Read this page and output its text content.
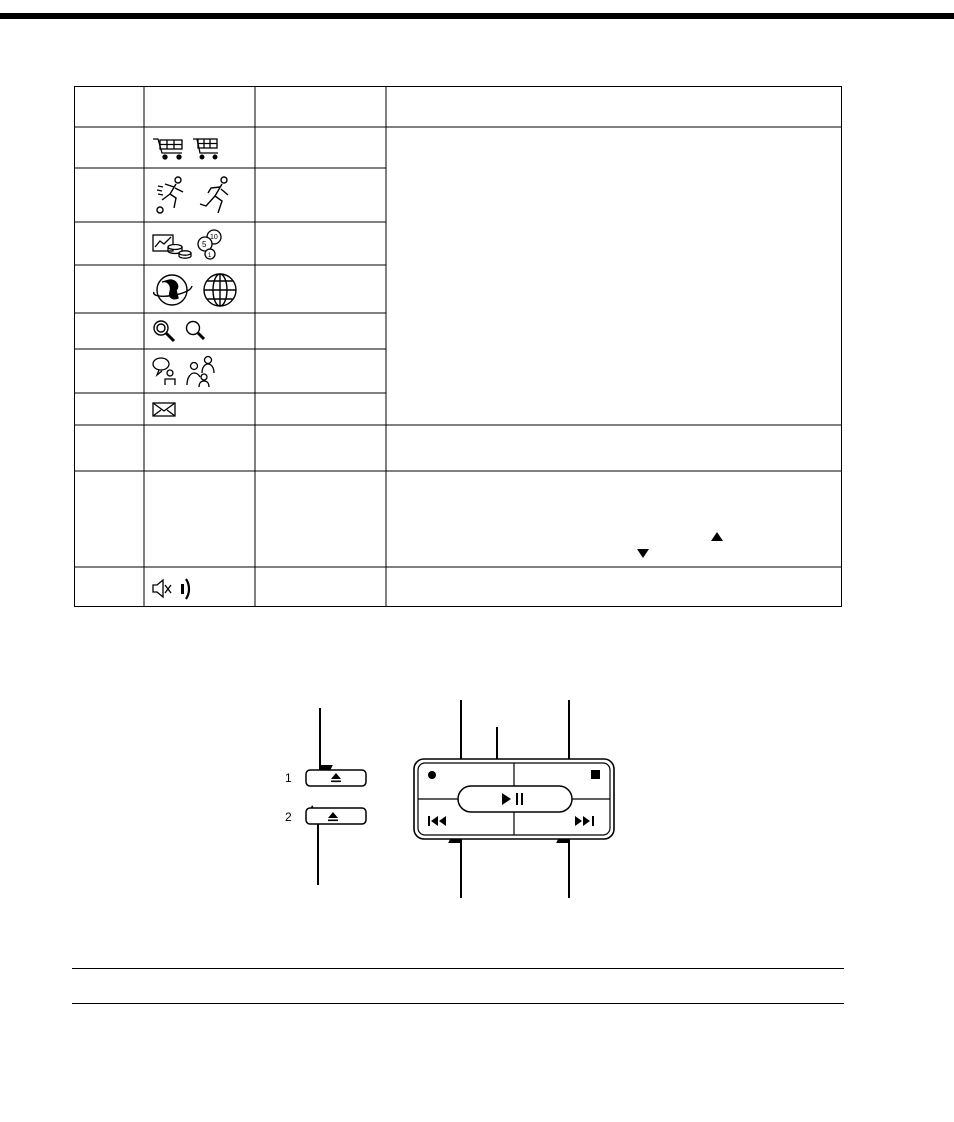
5
10
1
1
2
